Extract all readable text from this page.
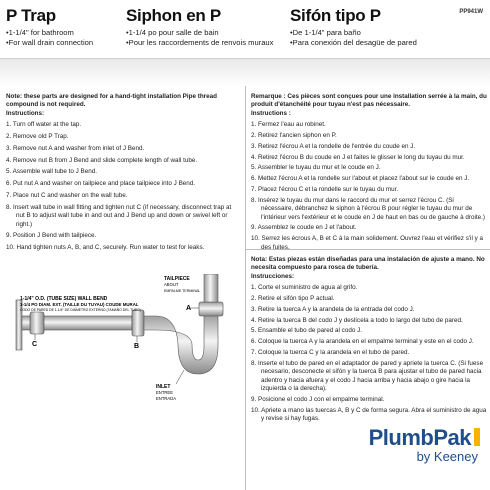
P Trap
• 1-1/4" for bathroom
• For wall drain connection
Siphon en P
• 1-1/4 po pour salle de bain
• Pour les raccordements de renvois muraux
Sifón tipo P
• De 1-1/4" para baño
• Para conexión del desagüe de pared
PP941W
Note: these parts are designed for a hand-tight installation Pipe thread compound is not required.
Instructions:
1. Turn off water at the tap.
2. Remove old P Trap.
3. Remove nut A and washer from inlet of J Bend.
4. Remove nut B from J Bend and slide complete length of wall tube.
5. Assemble wall tube to J Bend.
6. Put nut A and washer on tailpiece and place tailpiece into J Bend.
7. Place nut C and washer on the wall tube.
8. Insert wall tube in wall fitting and tighten nut C (if necessary, disconnect trap at nut B to adjust wall tube in and out and J Bend up and down or swivel left or right.)
9. Position J Bend with tailpiece.
10. Hand tighten nuts A, B, and C, securely. Run water to test for leaks.
TAILPIECE
ABOUT
EMPALME TERMINAL
1-1/4" O.D. (TUBE SIZE) WALL BEND
1-1/4 PO DIAM. EXT. (TAILLE DU TUYAU) COUDE MURAL
CODO DE PARED DE 1-1/4" DE DIÁMETRO EXTERNO (TAMAÑO DEL TUBO)
INLET
ENTREE
ENTRADA
A
B
C
Remarque : Ces pièces sont conçues pour une installation serrée à la main, du produit d'étanchéité pour tuyau n'est pas nécessaire.
Instructions :
1. Fermez l'eau au robinet.
2. Retirez l'ancien siphon en P.
3. Retirez l'écrou A et la rondelle de l'entrée du coude en J.
4. Retirez l'écrou B du coude en J et faites le glisser le long du tuyau du mur.
5. Assembler le tuyau du mur et le coude en J.
6. Mettez l'écrou A et la rondelle sur l'about et placez l'about sur le coude en J.
7. Placez l'écrou C et la rondelle sur le tuyau du mur.
8. Insérez le tuyau du mur dans le raccord du mur et serrez l'écrou C. (Si nécessaire, débranchez le siphon à l'écrou B pour régler le tuyau du mur de l'intérieur vers l'extérieur et le coude en J de haut en bas ou de gauche à droite.)
9. Assemblez le coude en J et l'about.
10. Serrez les écrous A, B et C à la main solidement. Ouvrez l'eau et vérifiez s'il y a des fuites.
Nota: Estas piezas están diseñadas para una instalación de ajuste a mano. No necesita compuesto para rosca de tubería.
Instrucciones:
1. Corte el suministro de agua al grifo.
2. Retire el sifón tipo P actual.
3. Retire la tuerca A y la arandela de la entrada del codo J.
4. Retire la tuerca B del codo J y deslícela a todo lo largo del tubo de pared.
5. Ensamble el tubo de pared al codo J.
6. Coloque la tuerca A y la arandela en el empalme terminal y este en el codo J.
7. Coloque la tuerca C y la arandela en el tubo de pared.
8. Inserte el tubo de pared en el adaptador de pared y apriete la tuerca C. (Si fuese necesario, desconecte el sifón y la tuerca B para ajustar el tubo de pared hacia adentro y hacia afuera y el codo J hacia arriba y hacia abajo o gire hacia la izquierda o la derecha).
9. Posicione el codo J con el empalme terminal.
10. Apriete a mano las tuercas A, B y C de forma segura. Abra el suministro de agua y revise si hay fugas.
PlumbPak
by Keeney
